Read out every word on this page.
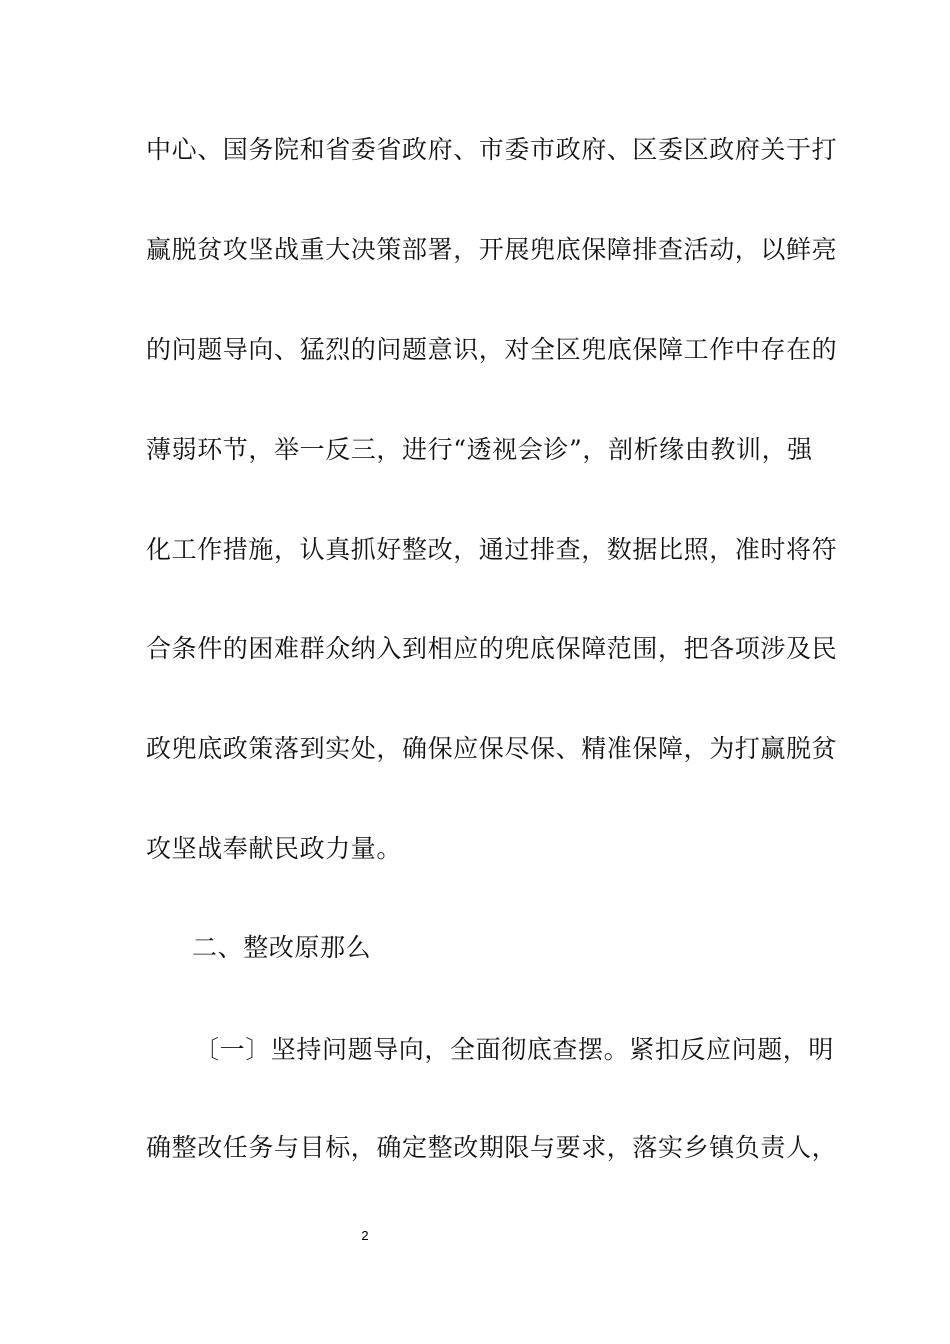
中心、国务院和省委省政府、市委市政府、区委区政府关于打
赢脱贫攻坚战重大决策部署，开展兜底保障排查活动，以鲜亮
的问题导向、猛烈的问题意识，对全区兜底保障工作中存在的
薄弱环节，举一反三，进行“透视会诊”，剖析缘由教训，强
化工作措施，认真抓好整改，通过排查，数据比照，准时将符
合条件的困难群众纳入到相应的兜底保障范围，把各项涉及民
政兜底政策落到实处，确保应保尽保、精准保障，为打赢脱贫
攻坚战奉献民政力量。
二、整改原那么
〔一〕坚持问题导向，全面彻底查摆。紧扣反应问题，明
确整改任务与目标，确定整改期限与要求，落实乡镇负责人，
2
